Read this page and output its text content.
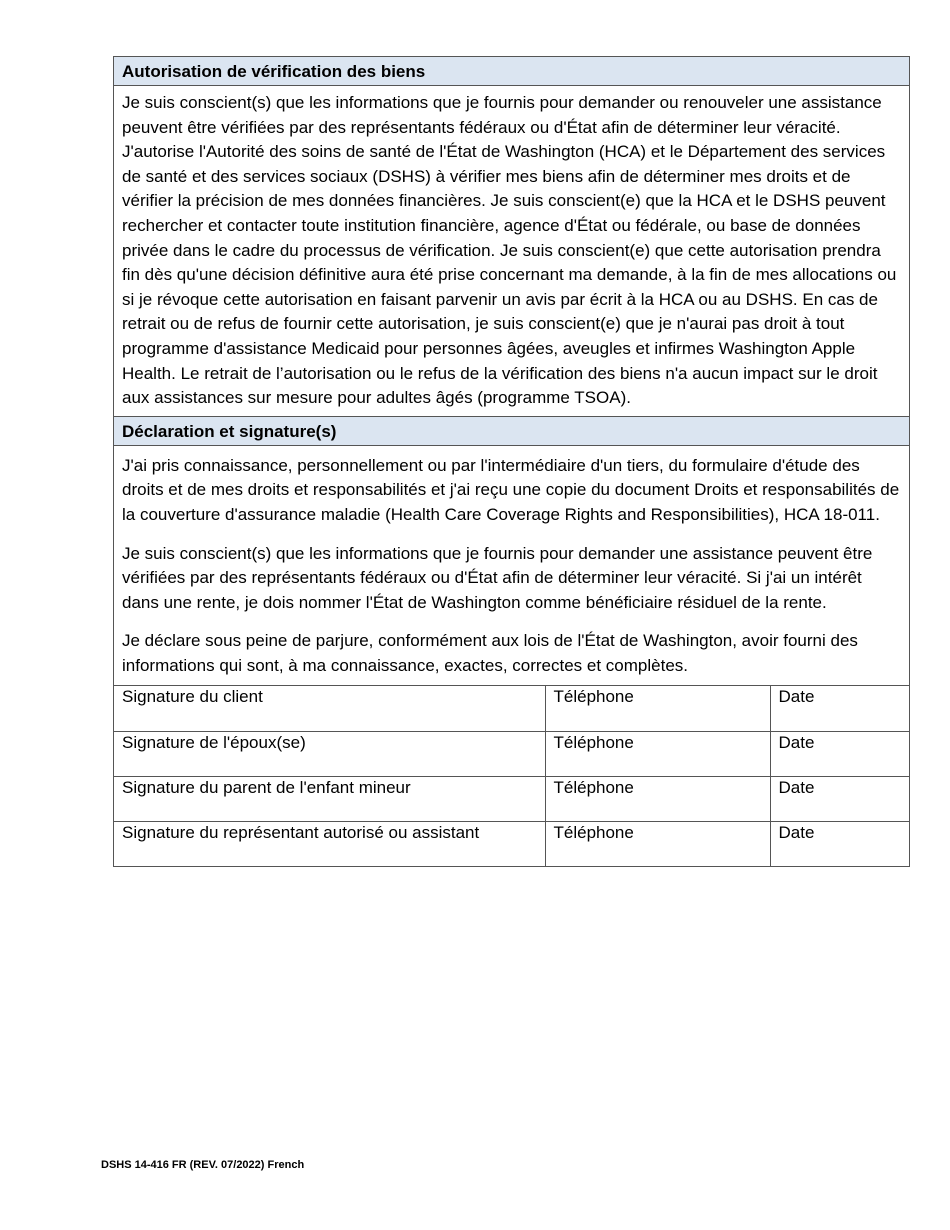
Autorisation de vérification des biens

Je suis conscient(s) que les informations que je fournis pour demander ou renouveler une assistance peuvent être vérifiées par des représentants fédéraux ou d'État afin de déterminer leur véracité. J'autorise l'Autorité des soins de santé de l'État de Washington (HCA) et le Département des services de santé et des services sociaux (DSHS) à vérifier mes biens afin de déterminer mes droits et de vérifier la précision de mes données financières. Je suis conscient(e) que la HCA et le DSHS peuvent rechercher et contacter toute institution financière, agence d'État ou fédérale, ou base de données privée dans le cadre du processus de vérification. Je suis conscient(e) que cette autorisation prendra fin dès qu'une décision définitive aura été prise concernant ma demande, à la fin de mes allocations ou si je révoque cette autorisation en faisant parvenir un avis par écrit à la HCA ou au DSHS. En cas de retrait ou de refus de fournir cette autorisation, je suis conscient(e) que je n'aurai pas droit à tout programme d'assistance Medicaid pour personnes âgées, aveugles et infirmes Washington Apple Health. Le retrait de l’autorisation ou le refus de la vérification des biens n'a aucun impact sur le droit aux assistances sur mesure pour adultes âgés (programme TSOA).

Déclaration et signature(s)

J'ai pris connaissance, personnellement ou par l'intermédiaire d'un tiers, du formulaire d'étude des droits et de mes droits et responsabilités et j'ai reçu une copie du document Droits et responsabilités de la couverture d'assurance maladie (Health Care Coverage Rights and Responsibilities), HCA 18-011.

Je suis conscient(s) que les informations que je fournis pour demander une assistance peuvent être vérifiées par des représentants fédéraux ou d'État afin de déterminer leur véracité. Si j'ai un intérêt dans une rente, je dois nommer l'État de Washington comme bénéficiaire résiduel de la rente.

Je déclare sous peine de parjure, conformément aux lois de l'État de Washington, avoir fourni des informations qui sont, à ma connaissance, exactes, correctes et complètes.

Signature du client	Téléphone	Date
Signature de l'époux(se)	Téléphone	Date
Signature du parent de l'enfant mineur	Téléphone	Date
Signature du représentant autorisé ou assistant	Téléphone	Date
DSHS 14-416 FR (REV. 07/2022) French
